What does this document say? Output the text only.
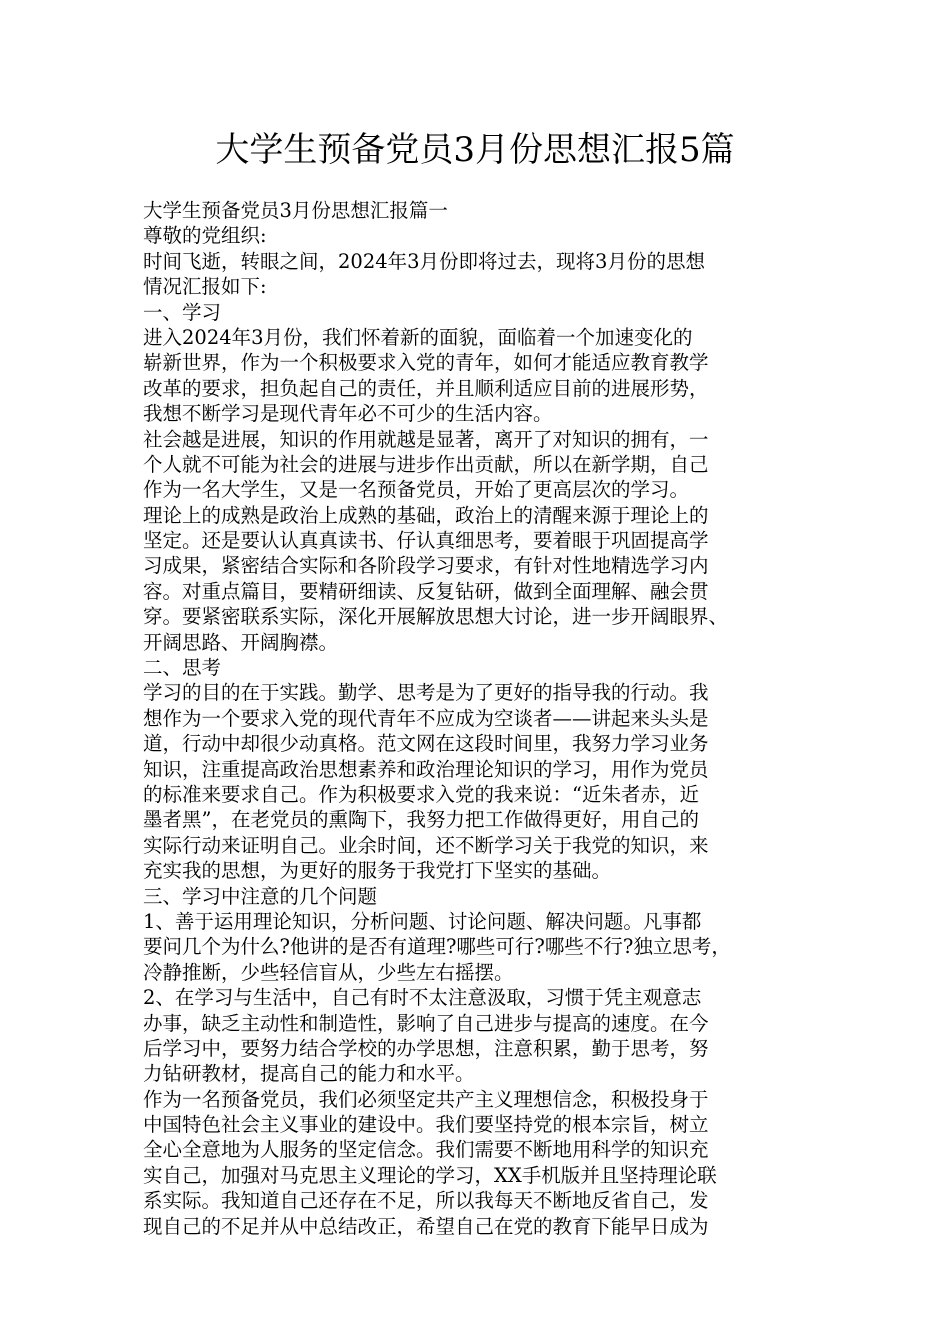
大学生预备党员3月份思想汇报5篇
大学生预备党员3月份思想汇报篇一
尊敬的党组织:
时间飞逝，转眼之间，2024年3月份即将过去，现将3月份的思想
情况汇报如下:
一、学习
进入2024年3月份，我们怀着新的面貌，面临着一个加速变化的
崭新世界，作为一个积极要求入党的青年，如何才能适应教育教学
改革的要求，担负起自己的责任，并且顺利适应目前的进展形势，
我想不断学习是现代青年必不可少的生活内容。
社会越是进展，知识的作用就越是显著，离开了对知识的拥有，一
个人就不可能为社会的进展与进步作出贡献，所以在新学期，自己
作为一名大学生，又是一名预备党员，开始了更高层次的学习。
理论上的成熟是政治上成熟的基础，政治上的清醒来源于理论上的
坚定。还是要认认真真读书、仔认真细思考，要着眼于巩固提高学
习成果，紧密结合实际和各阶段学习要求，有针对性地精选学习内
容。对重点篇目，要精研细读、反复钻研，做到全面理解、融会贯
穿。要紧密联系实际，深化开展解放思想大讨论，进一步开阔眼界、
开阔思路、开阔胸襟。
二、思考
学习的目的在于实践。勤学、思考是为了更好的指导我的行动。我
想作为一个要求入党的现代青年不应成为空谈者——讲起来头头是
道，行动中却很少动真格。范文网在这段时间里，我努力学习业务
知识，注重提高政治思想素养和政治理论知识的学习，用作为党员
的标准来要求自己。作为积极要求入党的我来说：“近朱者赤，近
墨者黑”，在老党员的熏陶下，我努力把工作做得更好，用自己的
实际行动来证明自己。业余时间，还不断学习关于我党的知识，来
充实我的思想，为更好的服务于我党打下坚实的基础。
三、学习中注意的几个问题
1、善于运用理论知识，分析问题、讨论问题、解决问题。凡事都
要问几个为什么?他讲的是否有道理?哪些可行?哪些不行?独立思考，
冷静推断，少些轻信盲从，少些左右摇摆。
2、在学习与生活中，自己有时不太注意汲取，习惯于凭主观意志
办事，缺乏主动性和制造性，影响了自己进步与提高的速度。在今
后学习中，要努力结合学校的办学思想，注意积累，勤于思考，努
力钻研教材，提高自己的能力和水平。
作为一名预备党员，我们必须坚定共产主义理想信念，积极投身于
中国特色社会主义事业的建设中。我们要坚持党的根本宗旨，树立
全心全意地为人服务的坚定信念。我们需要不断地用科学的知识充
实自己，加强对马克思主义理论的学习，XX手机版并且坚持理论联
系实际。我知道自己还存在不足，所以我每天不断地反省自己，发
现自己的不足并从中总结改正，希望自己在党的教育下能早日成为
